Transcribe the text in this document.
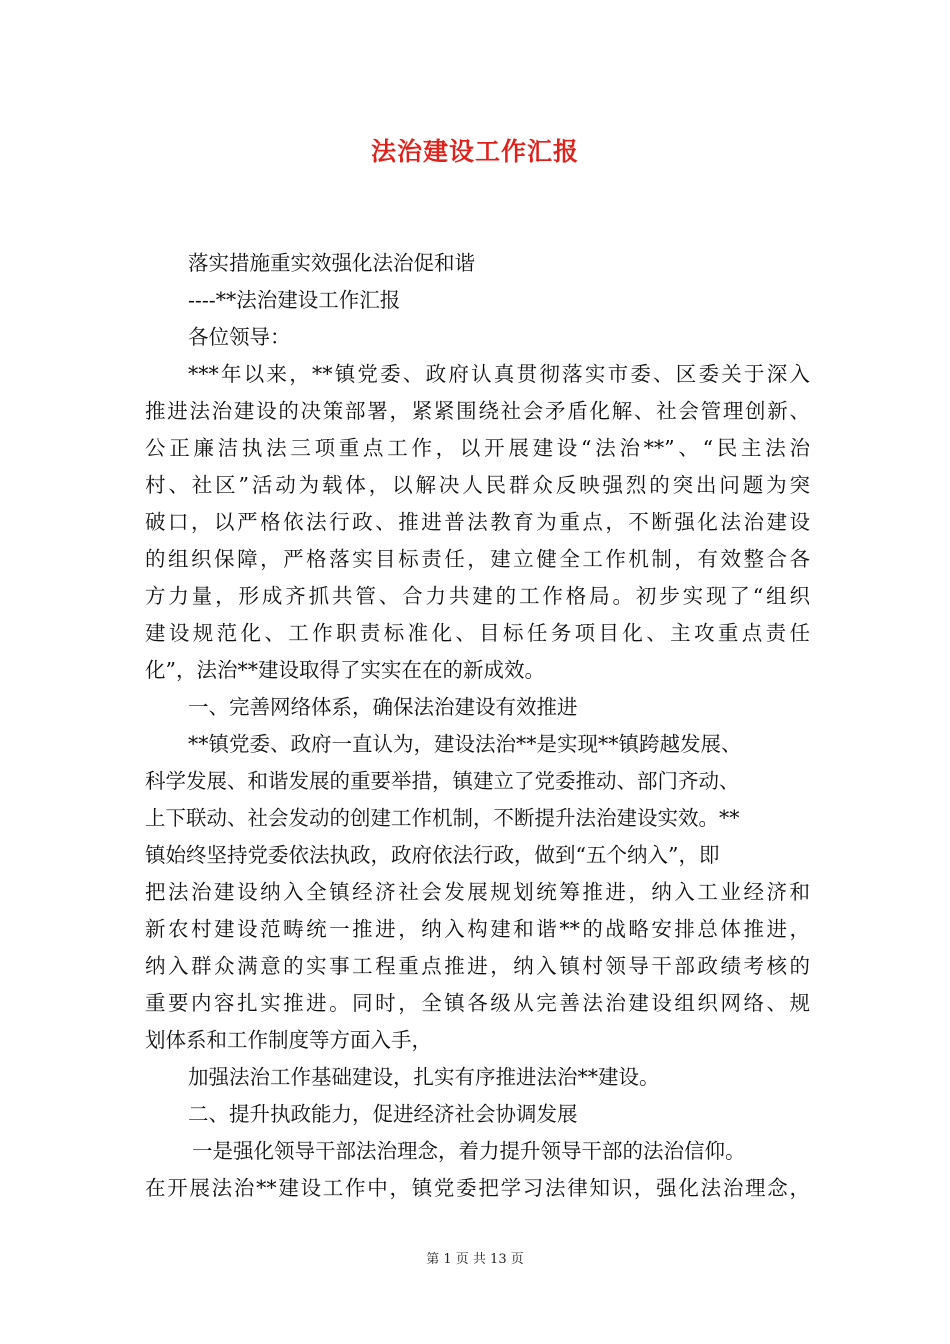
法治建设工作汇报
落实措施重实效强化法治促和谐
----**法治建设工作汇报
各位领导：
***年以来，**镇党委、政府认真贯彻落实市委、区委关于深入
推进法治建设的决策部署，紧紧围绕社会矛盾化解、社会管理创新、
公正廉洁执法三项重点工作，以开展建设“法治**”、“民主法治
村、社区”活动为载体，以解决人民群众反映强烈的突出问题为突
破口，以严格依法行政、推进普法教育为重点，不断强化法治建设
的组织保障，严格落实目标责任，建立健全工作机制，有效整合各
方力量，形成齐抓共管、合力共建的工作格局。初步实现了“组织
建设规范化、工作职责标准化、目标任务项目化、主攻重点责任
化”，法治**建设取得了实实在在的新成效。
一、完善网络体系，确保法治建设有效推进
**镇党委、政府一直认为，建设法治**是实现**镇跨越发展、
科学发展、和谐发展的重要举措，镇建立了党委推动、部门齐动、
上下联动、社会发动的创建工作机制，不断提升法治建设实效。**
镇始终坚持党委依法执政，政府依法行政，做到“五个纳入”，即
把法治建设纳入全镇经济社会发展规划统筹推进，纳入工业经济和
新农村建设范畴统一推进，纳入构建和谐**的战略安排总体推进，
纳入群众满意的实事工程重点推进，纳入镇村领导干部政绩考核的
重要内容扎实推进。同时，全镇各级从完善法治建设组织网络、规
划体系和工作制度等方面入手，
加强法治工作基础建设，扎实有序推进法治**建设。
二、提升执政能力，促进经济社会协调发展
一是强化领导干部法治理念，着力提升领导干部的法治信仰。
在开展法治**建设工作中，镇党委把学习法律知识，强化法治理念，
第 1 页 共 13 页
